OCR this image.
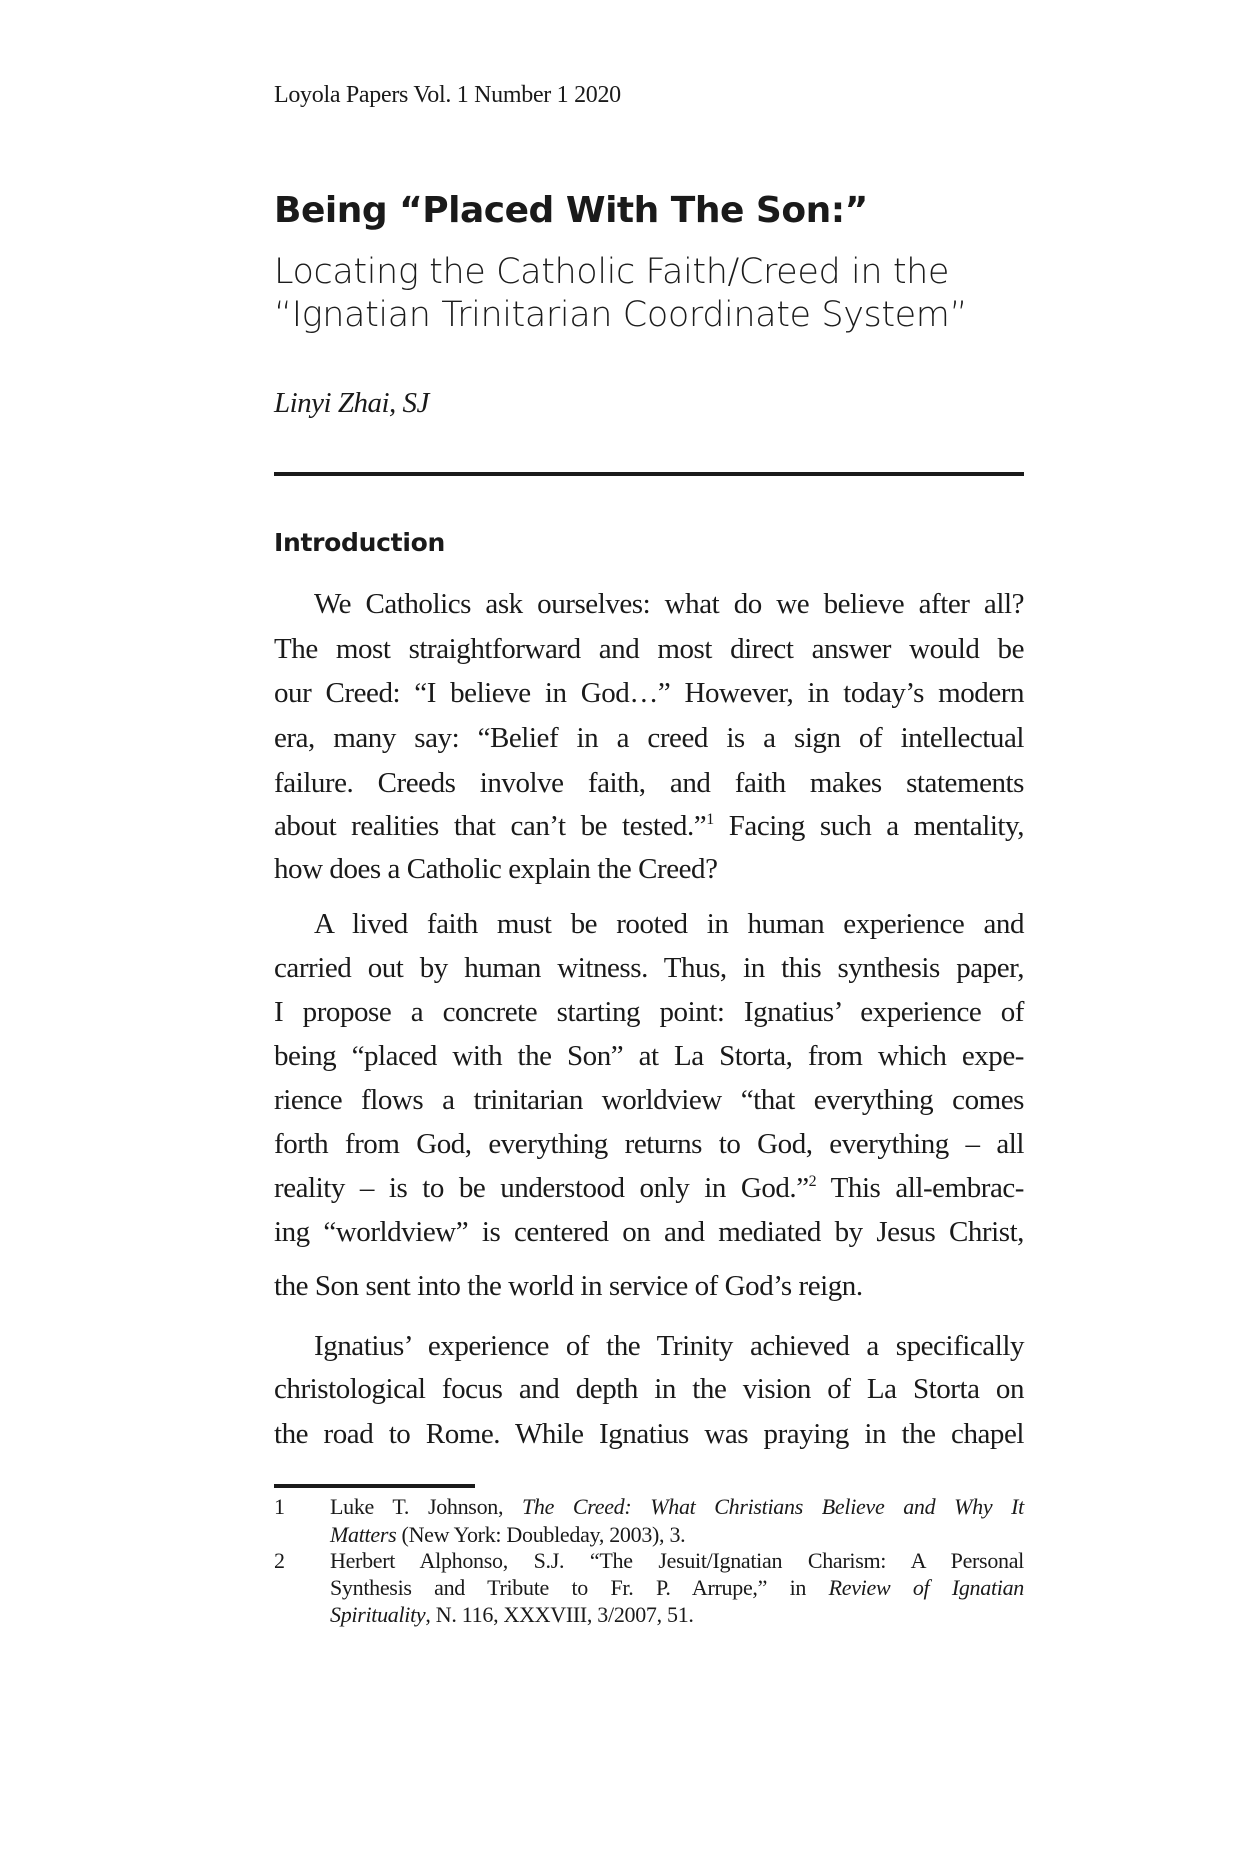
Loyola Papers Vol. 1 Number 1 2020
Being “Placed With The Son:”
Locating the Catholic Faith/Creed in the
“Ignatian Trinitarian Coordinate System”
Linyi Zhai, SJ
Introduction
We Catholics ask ourselves: what do we believe after all?
The most straightforward and most direct answer would be
our Creed: “I believe in God…” However, in today’s modern
era, many say: “Belief in a creed is a sign of intellectual
failure. Creeds involve faith, and faith makes statements
about realities that can’t be tested.”$^1$ Facing such a mentality,
how does a Catholic explain the Creed?
A lived faith must be rooted in human experience and
carried out by human witness. Thus, in this synthesis paper,
I propose a concrete starting point: Ignatius’ experience of
being “placed with the Son” at La Storta, from which expe-
rience flows a trinitarian worldview “that everything comes
forth from God, everything returns to God, everything – all
reality – is to be understood only in God.”$^2$ This all-embrac-
ing “worldview” is centered on and mediated by Jesus Christ,
the Son sent into the world in service of God’s reign.
Ignatius’ experience of the Trinity achieved a specifically
christological focus and depth in the vision of La Storta on
the road to Rome. While Ignatius was praying in the chapel
1 Luke T. Johnson, The Creed: What Christians Believe and Why It
Matters (New York: Doubleday, 2003), 3.
2 Herbert Alphonso, S.J. “The Jesuit/Ignatian Charism: A Personal
Synthesis and Tribute to Fr. P. Arrupe,” in Review of Ignatian
Spirituality, N. 116, XXXVIII, 3/2007, 51.
